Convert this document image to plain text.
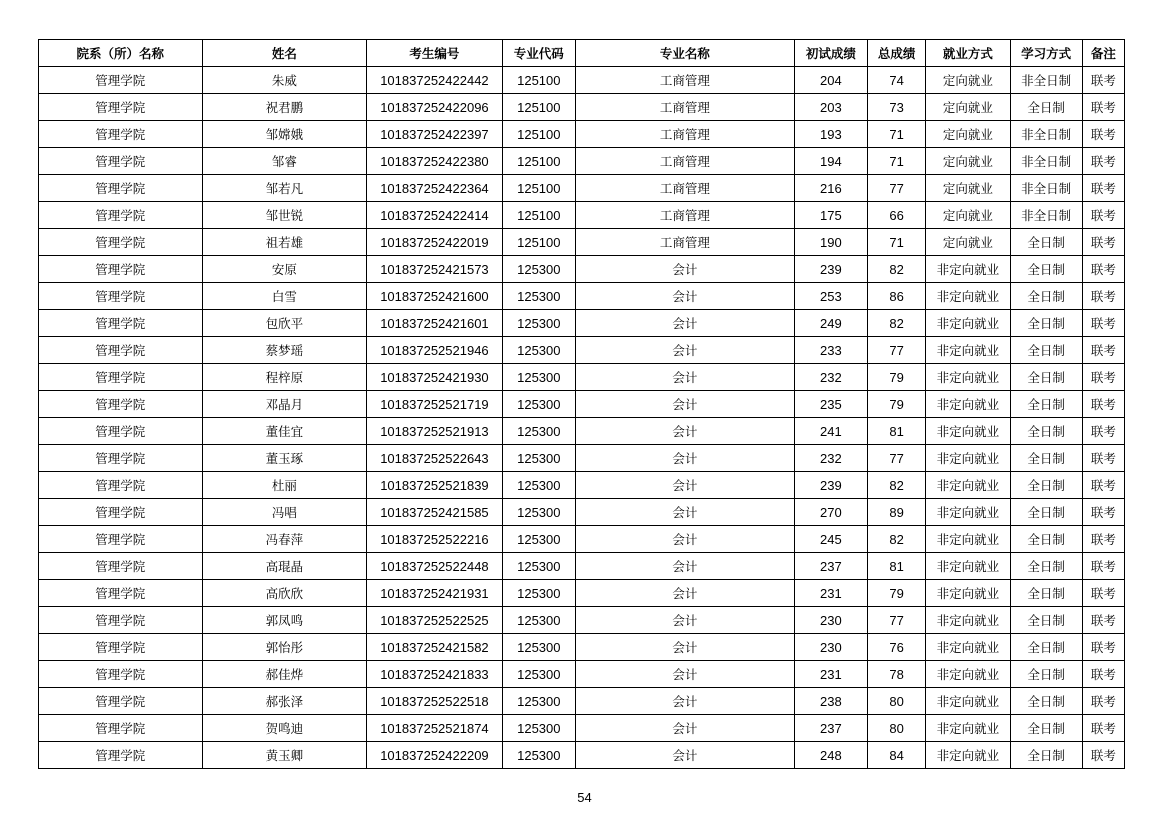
院系（所）名称	姓名	考生编号	专业代码	专业名称	初试成绩	总成绩	就业方式	学习方式	备注
管理学院	朱威	101837252422442	125100	工商管理	204	74	定向就业	非全日制	联考
管理学院	祝君鹏	101837252422096	125100	工商管理	203	73	定向就业	全日制	联考
管理学院	邹嫦娥	101837252422397	125100	工商管理	193	71	定向就业	非全日制	联考
管理学院	邹睿	101837252422380	125100	工商管理	194	71	定向就业	非全日制	联考
管理学院	邹若凡	101837252422364	125100	工商管理	216	77	定向就业	非全日制	联考
管理学院	邹世锐	101837252422414	125100	工商管理	175	66	定向就业	非全日制	联考
管理学院	祖若雄	101837252422019	125100	工商管理	190	71	定向就业	全日制	联考
管理学院	安原	101837252421573	125300	会计	239	82	非定向就业	全日制	联考
管理学院	白雪	101837252421600	125300	会计	253	86	非定向就业	全日制	联考
管理学院	包欣平	101837252421601	125300	会计	249	82	非定向就业	全日制	联考
管理学院	蔡梦瑶	101837252521946	125300	会计	233	77	非定向就业	全日制	联考
管理学院	程梓原	101837252421930	125300	会计	232	79	非定向就业	全日制	联考
管理学院	邓晶月	101837252521719	125300	会计	235	79	非定向就业	全日制	联考
管理学院	董佳宜	101837252521913	125300	会计	241	81	非定向就业	全日制	联考
管理学院	董玉琢	101837252522643	125300	会计	232	77	非定向就业	全日制	联考
管理学院	杜丽	101837252521839	125300	会计	239	82	非定向就业	全日制	联考
管理学院	冯唱	101837252421585	125300	会计	270	89	非定向就业	全日制	联考
管理学院	冯春萍	101837252522216	125300	会计	245	82	非定向就业	全日制	联考
管理学院	高琨晶	101837252522448	125300	会计	237	81	非定向就业	全日制	联考
管理学院	高欣欣	101837252421931	125300	会计	231	79	非定向就业	全日制	联考
管理学院	郭凤鸣	101837252522525	125300	会计	230	77	非定向就业	全日制	联考
管理学院	郭怡彤	101837252421582	125300	会计	230	76	非定向就业	全日制	联考
管理学院	郝佳烨	101837252421833	125300	会计	231	78	非定向就业	全日制	联考
管理学院	郝张泽	101837252522518	125300	会计	238	80	非定向就业	全日制	联考
管理学院	贺鸣迪	101837252521874	125300	会计	237	80	非定向就业	全日制	联考
管理学院	黄玉卿	101837252422209	125300	会计	248	84	非定向就业	全日制	联考
54
